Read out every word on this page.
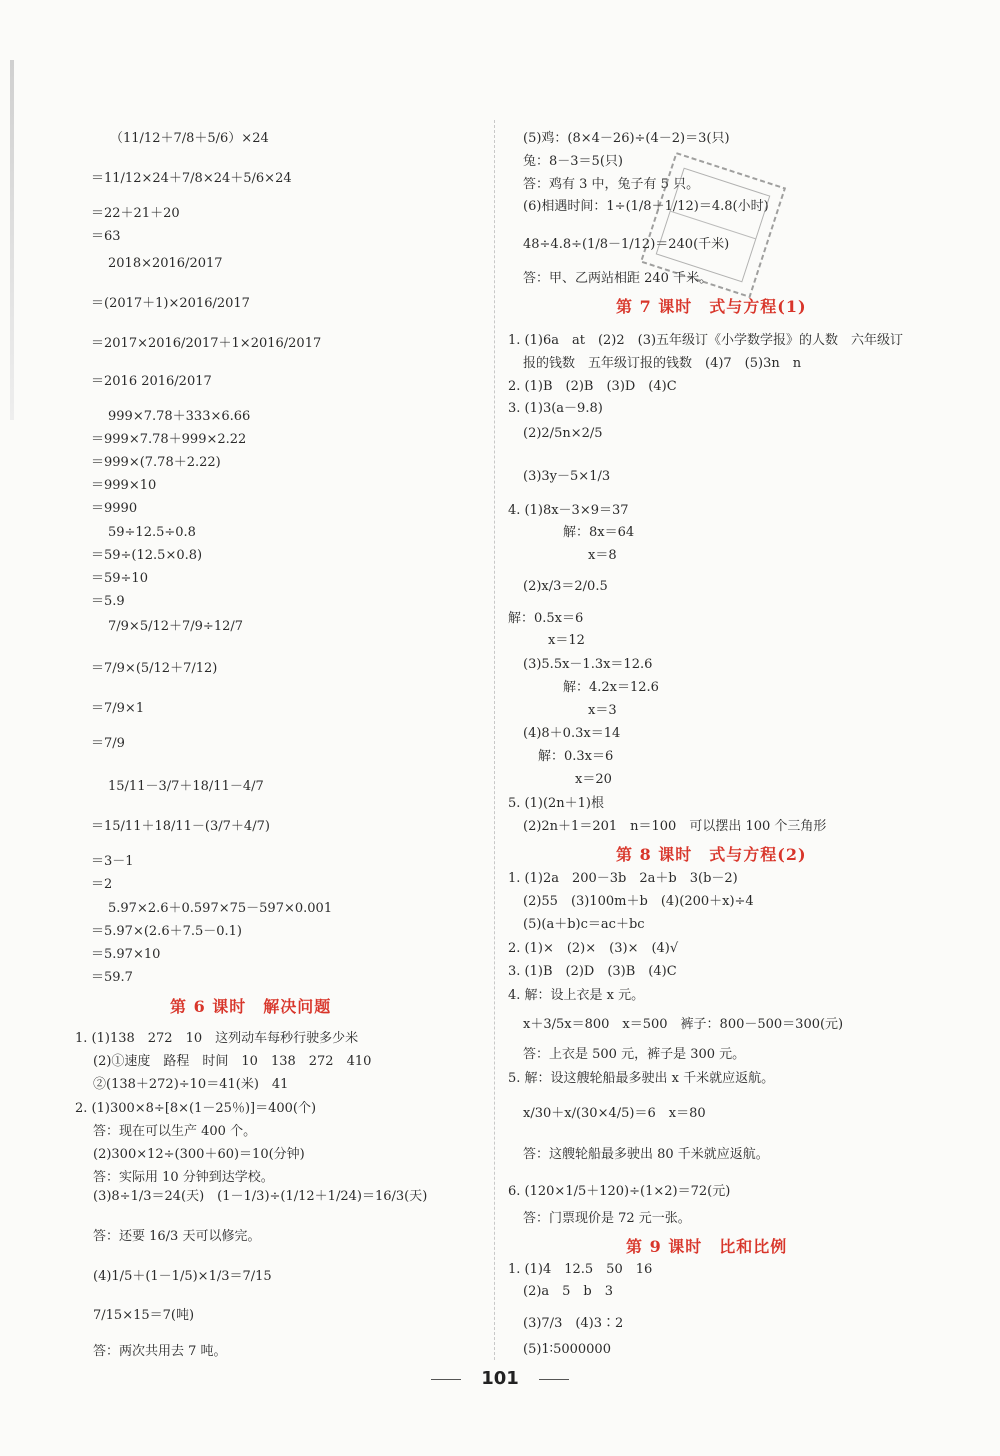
（11/12＋7/8＋5/6）×24
＝11/12×24＋7/8×24＋5/6×24
＝22＋21＋20
＝63
2018×2016/2017
＝(2017＋1)×2016/2017
＝2017×2016/2017＋1×2016/2017
＝2016 2016/2017
999×7.78＋333×6.66
＝999×7.78＋999×2.22
＝999×(7.78＋2.22)
＝999×10
＝9990
59÷12.5÷0.8
＝59÷(12.5×0.8)
＝59÷10
＝5.9
7/9×5/12＋7/9÷12/7
＝7/9×(5/12＋7/12)
＝7/9×1
＝7/9
15/11－3/7＋18/11－4/7
＝15/11＋18/11－(3/7＋4/7)
＝3－1
＝2
5.97×2.6＋0.597×75－597×0.001
＝5.97×(2.6＋7.5－0.1)
＝5.97×10
＝59.7
第 6 课时　解决问题
1. (1)138　272　10　这列动车每秒行驶多少米
(2)①速度　路程　时间　10　138　272　410
②(138＋272)÷10＝41(米)　41
2. (1)300×8÷[8×(1－25％)]＝400(个)
答：现在可以生产 400 个。
(2)300×12÷(300＋60)＝10(分钟)
答：实际用 10 分钟到达学校。
(3)8÷1/3＝24(天)　(1－1/3)÷(1/12＋1/24)＝16/3(天)
答：还要 16/3 天可以修完。
(4)1/5＋(1－1/5)×1/3＝7/15
7/15×15＝7(吨)
答：两次共用去 7 吨。
(5)鸡：(8×4－26)÷(4－2)＝3(只)
兔：8－3＝5(只)
答：鸡有 3 中，兔子有 5 只。
(6)相遇时间：1÷(1/8＋1/12)＝4.8(小时)
48÷4.8÷(1/8－1/12)＝240(千米)
答：甲、乙两站相距 240 千米。
第 7 课时　式与方程(1)
1. (1)6a　at　(2)2　(3)五年级订《小学数学报》的人数　六年级订
报的钱数　五年级订报的钱数　(4)7　(5)3n　n
2. (1)B　(2)B　(3)D　(4)C
3. (1)3(a－9.8)
(2)2/5n×2/5
(3)3y－5×1/3
4. (1)8x－3×9＝37
解：8x＝64
x＝8
(2)x/3＝2/0.5
解：0.5x＝6
x＝12
(3)5.5x－1.3x＝12.6
解：4.2x＝12.6
x＝3
(4)8＋0.3x＝14
解：0.3x＝6
x＝20
5. (1)(2n＋1)根
(2)2n＋1＝201　n＝100　可以摆出 100 个三角形
第 8 课时　式与方程(2)
1. (1)2a　200－3b　2a＋b　3(b－2)
(2)55　(3)100m＋b　(4)(200＋x)÷4
(5)(a＋b)c＝ac＋bc
2. (1)×　(2)×　(3)×　(4)√
3. (1)B　(2)D　(3)B　(4)C
4. 解：设上衣是 x 元。
x＋3/5x＝800　x＝500　裤子：800－500＝300(元)
答：上衣是 500 元，裤子是 300 元。
5. 解：设这艘轮船最多驶出 x 千米就应返航。
x/30＋x/(30×4/5)＝6　x＝80
答：这艘轮船最多驶出 80 千米就应返航。
6. (120×1/5＋120)÷(1×2)＝72(元)
答：门票现价是 72 元一张。
第 9 课时　比和比例
1. (1)4　12.5　50　16
(2)a　5　b　3
(3)7/3　(4)3∶2
(5)1∶5000000
101
